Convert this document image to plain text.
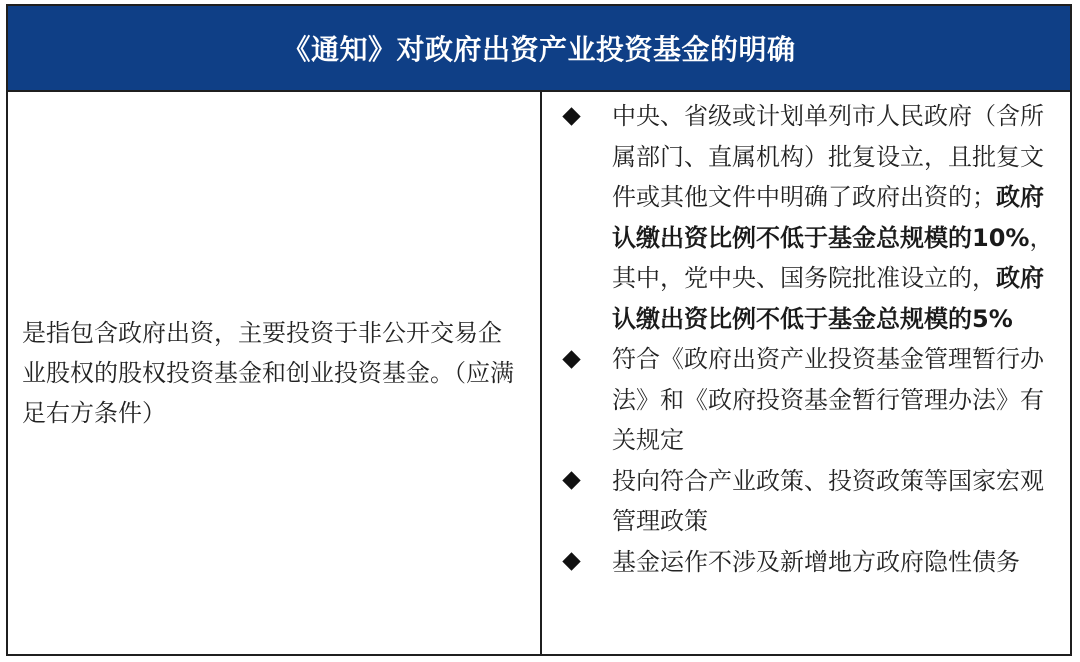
《通知》对政府出资产业投资基金的明确
是指包含政府出资，主要投资于非公开交易企业股权的股权投资基金和创业投资基金。（应满足右方条件）
中央、省级或计划单列市人民政府（含所属部门、直属机构）批复设立，且批复文件或其他文件中明确了政府出资的；政府认缴出资比例不低于基金总规模的10%，其中，党中央、国务院批准设立的，政府认缴出资比例不低于基金总规模的5%
符合《政府出资产业投资基金管理暂行办法》和《政府投资基金暂行管理办法》有关规定
投向符合产业政策、投资政策等国家宏观管理政策
基金运作不涉及新增地方政府隐性债务
